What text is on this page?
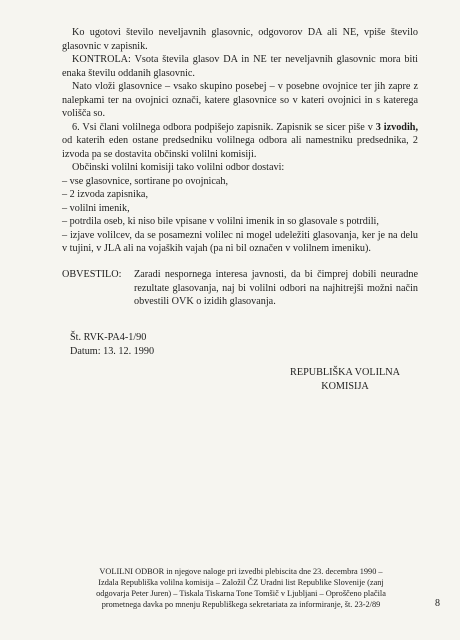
Ko ugotovi število neveljavnih glasovnic, odgovorov DA ali NE, vpiše število glasovnic v zapisnik.

KONTROLA: Vsota števila glasov DA in NE ter neveljavnih glasovnic mora biti enaka številu oddanih glasovnic.

Nato vloži glasovnice – vsako skupino posebej – v posebne ovojnice ter jih zapre z nalepkami ter na ovojnici označi, katere glasovnice so v kateri ovojnici in s katerega volišča so.

6. Vsi člani volilnega odbora podpišejo zapisnik. Zapisnik se sicer piše v 3 izvodih, od katerih eden ostane predsedniku volilnega odbora ali namestniku predsednika, 2 izvoda pa se dostavita občinski volilni komisiji.

Občinski volilni komisiji tako volilni odbor dostavi:

– vse glasovnice, sortirane po ovojnicah,

– 2 izvoda zapisnika,

– volilni imenik,

– potrdila oseb, ki niso bile vpisane v volilni imenik in so glasovale s potrdili,

– izjave volilcev, da se posamezni volilec ni mogel udeležiti glasovanja, ker je na delu v tujini, v JLA ali na vojaških vajah (pa ni bil označen v volilnem imeniku).

OBVESTILO:	Zaradi nespornega interesa javnosti, da bi čimprej dobili neuradne rezultate glasovanja, naj bi volilni odbori na najhitrejši možni način obvestili OVK o izidih glasovanja.
Št. RVK-PA4-1/90
Datum: 13. 12. 1990
REPUBLIŠKA VOLILNA
KOMISIJA
VOLILNI ODBOR in njegove naloge pri izvedbi plebiscita dne 23. decembra 1990 –
Izdala Republiška volilna komisija – Založil ČZ Uradni list Republike Slovenije (zanj
odgovarja Peter Juren) – Tiskala Tiskarna Tone Tomšič v Ljubljani – Oproščeno plačila
prometnega davka po mnenju Republiškega sekretariata za informiranje, št. 23-2/89	8
